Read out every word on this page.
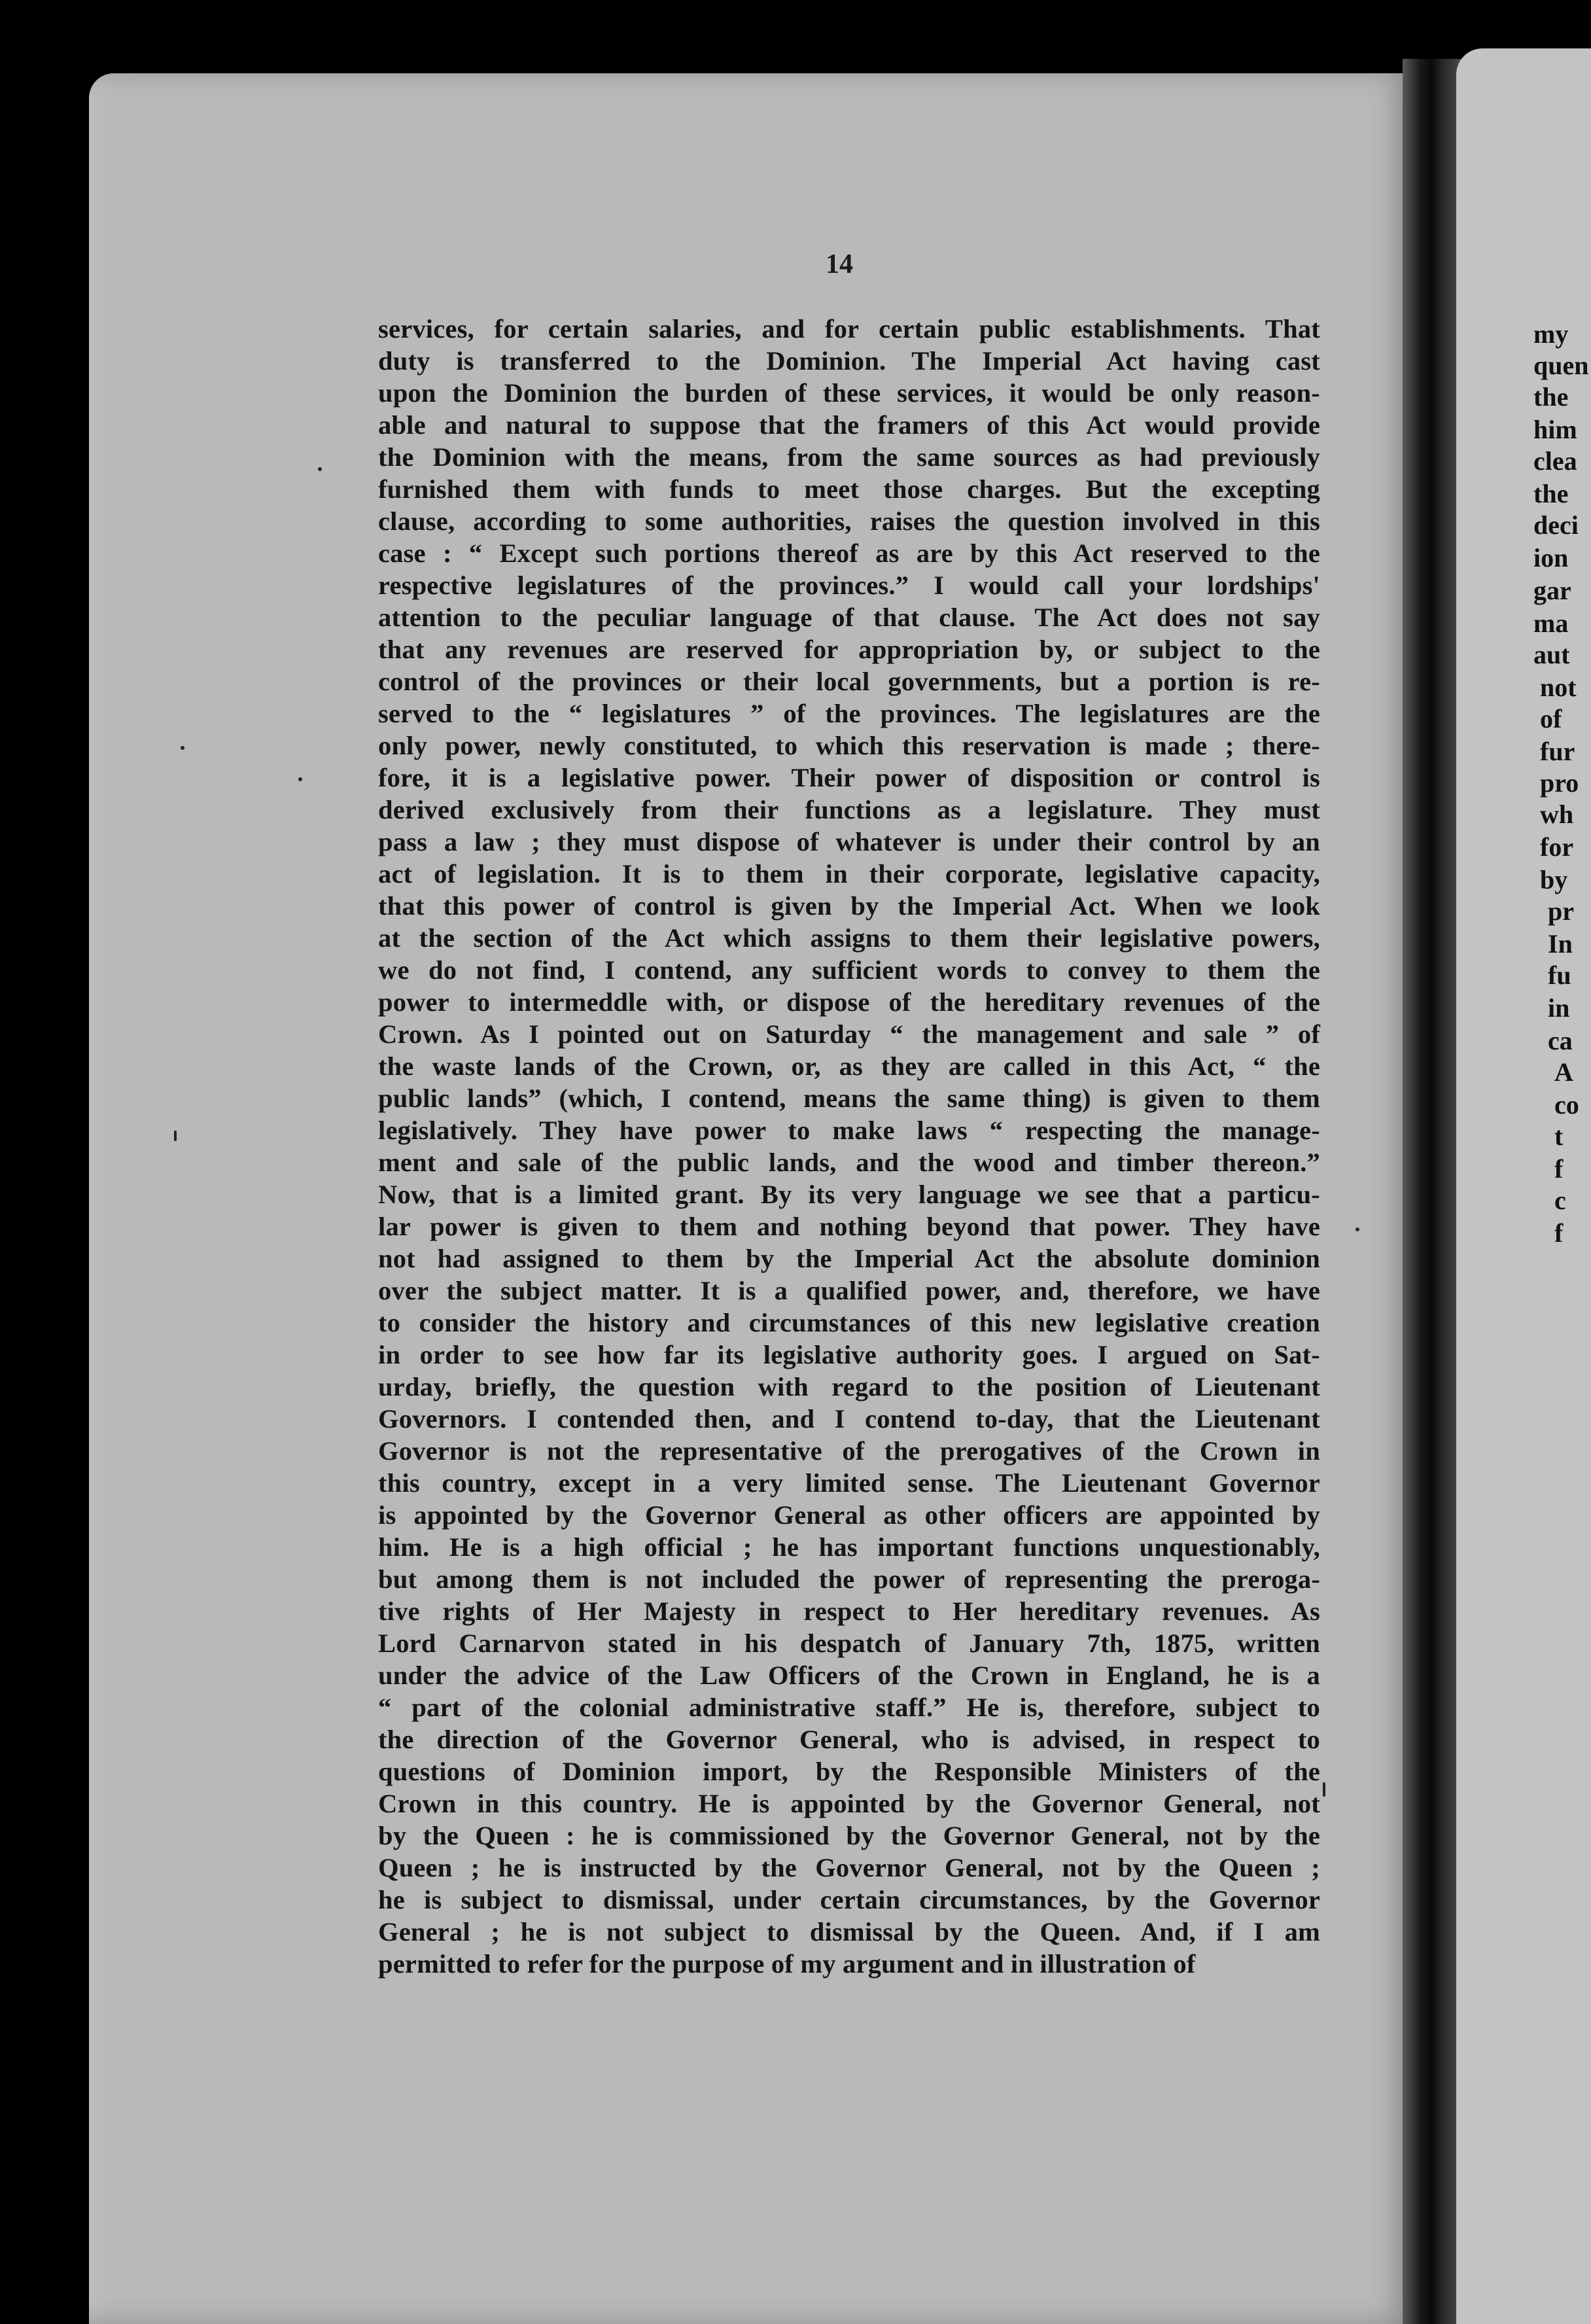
my
quen
the
him
clea
the
deci
ion
gar
ma
aut
not
of
fur
pro
wh
for
by
pr
In
fu
in
ca
A
co
t
f
c
f
14
services, for certain salaries, and for certain public establishments. That
duty is transferred to the Dominion. The Imperial Act having cast
upon the Dominion the burden of these services, it would be only reason-
able and natural to suppose that the framers of this Act would provide
the Dominion with the means, from the same sources as had previously
furnished them with funds to meet those charges. But the excepting
clause, according to some authorities, raises the question involved in this
case : “ Except such portions thereof as are by this Act reserved to the
respective legislatures of the provinces.” I would call your lordships'
attention to the peculiar language of that clause. The Act does not say
that any revenues are reserved for appropriation by, or subject to the
control of the provinces or their local governments, but a portion is re-
served to the “ legislatures ” of the provinces. The legislatures are the
only power, newly constituted, to which this reservation is made ; there-
fore, it is a legislative power. Their power of disposition or control is
derived exclusively from their functions as a legislature. They must
pass a law ; they must dispose of whatever is under their control by an
act of legislation. It is to them in their corporate, legislative capacity,
that this power of control is given by the Imperial Act. When we look
at the section of the Act which assigns to them their legislative powers,
we do not find, I contend, any sufficient words to convey to them the
power to intermeddle with, or dispose of the hereditary revenues of the
Crown. As I pointed out on Saturday “ the management and sale ” of
the waste lands of the Crown, or, as they are called in this Act, “ the
public lands” (which, I contend, means the same thing) is given to them
legislatively. They have power to make laws “ respecting the manage-
ment and sale of the public lands, and the wood and timber thereon.”
Now, that is a limited grant. By its very language we see that a particu-
lar power is given to them and nothing beyond that power. They have
not had assigned to them by the Imperial Act the absolute dominion
over the subject matter. It is a qualified power, and, therefore, we have
to consider the history and circumstances of this new legislative creation
in order to see how far its legislative authority goes. I argued on Sat-
urday, briefly, the question with regard to the position of Lieutenant
Governors. I contended then, and I contend to-day, that the Lieutenant
Governor is not the representative of the prerogatives of the Crown in
this country, except in a very limited sense. The Lieutenant Governor
is appointed by the Governor General as other officers are appointed by
him. He is a high official ; he has important functions unquestionably,
but among them is not included the power of representing the preroga-
tive rights of Her Majesty in respect to Her hereditary revenues. As
Lord Carnarvon stated in his despatch of January 7th, 1875, written
under the advice of the Law Officers of the Crown in England, he is a
“ part of the colonial administrative staff.” He is, therefore, subject to
the direction of the Governor General, who is advised, in respect to
questions of Dominion import, by the Responsible Ministers of the
Crown in this country. He is appointed by the Governor General, not
by the Queen : he is commissioned by the Governor General, not by the
Queen ; he is instructed by the Governor General, not by the Queen ;
he is subject to dismissal, under certain circumstances, by the Governor
General ; he is not subject to dismissal by the Queen. And, if I am
permitted to refer for the purpose of my argument and in illustration of
